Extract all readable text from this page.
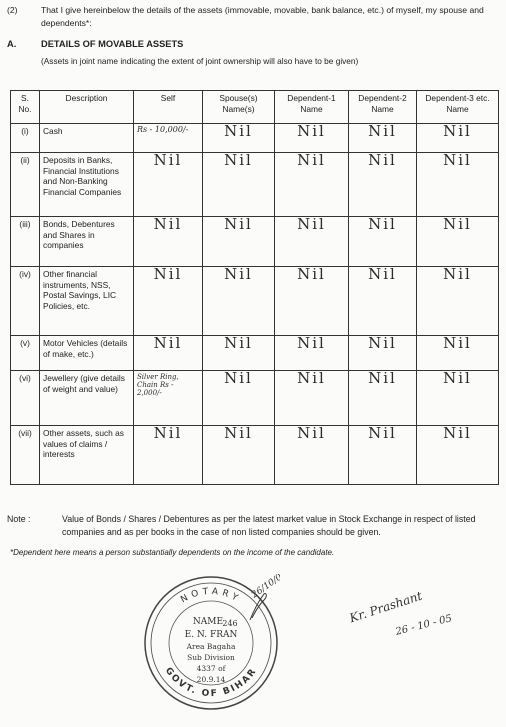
(2)	That I give hereinbelow the details of the assets (immovable, movable, bank balance, etc.) of myself, my spouse and dependents*:
A.	DETAILS OF MOVABLE ASSETS
(Assets in joint name indicating the extent of joint ownership will also have to be given)
S. No.	Description	Self	Spouse(s) Name(s)	Dependent-1 Name	Dependent-2 Name	Dependent-3 etc. Name
(i)	Cash	Rs - 10,000/-	Nil	Nil	Nil	Nil
(ii)	Deposits in Banks, Financial Institutions and Non-Banking Financial Companies	Nil	Nil	Nil	Nil	Nil
(iii)	Bonds, Debentures and Shares in companies	Nil	Nil	Nil	Nil	Nil
(iv)	Other financial instruments, NSS, Postal Savings, LIC Policies, etc.	Nil	Nil	Nil	Nil	Nil
(v)	Motor Vehicles (details of make, etc.)	Nil	Nil	Nil	Nil	Nil
(vi)	Jewellery (give details of weight and value)	Silver Ring, Chain Rs - 2,000/-	Nil	Nil	Nil	Nil
(vii)	Other assets, such as values of claims / interests	Nil	Nil	Nil	Nil	Nil
Note :	Value of Bonds / Shares / Debentures as per the latest market value in Stock Exchange in respect of listed companies and as per books in the case of non listed companies should be given.
*Dependent here means a person substantially dependents on the income of the candidate.
NOTARY
GOVT. OF BIHAR
NAME 246
E. N. FRAN
Area Bagaha
Sub Division
4337 of
20.9.14
26/10/05
Kr. Prashant
26 - 10 - 05
